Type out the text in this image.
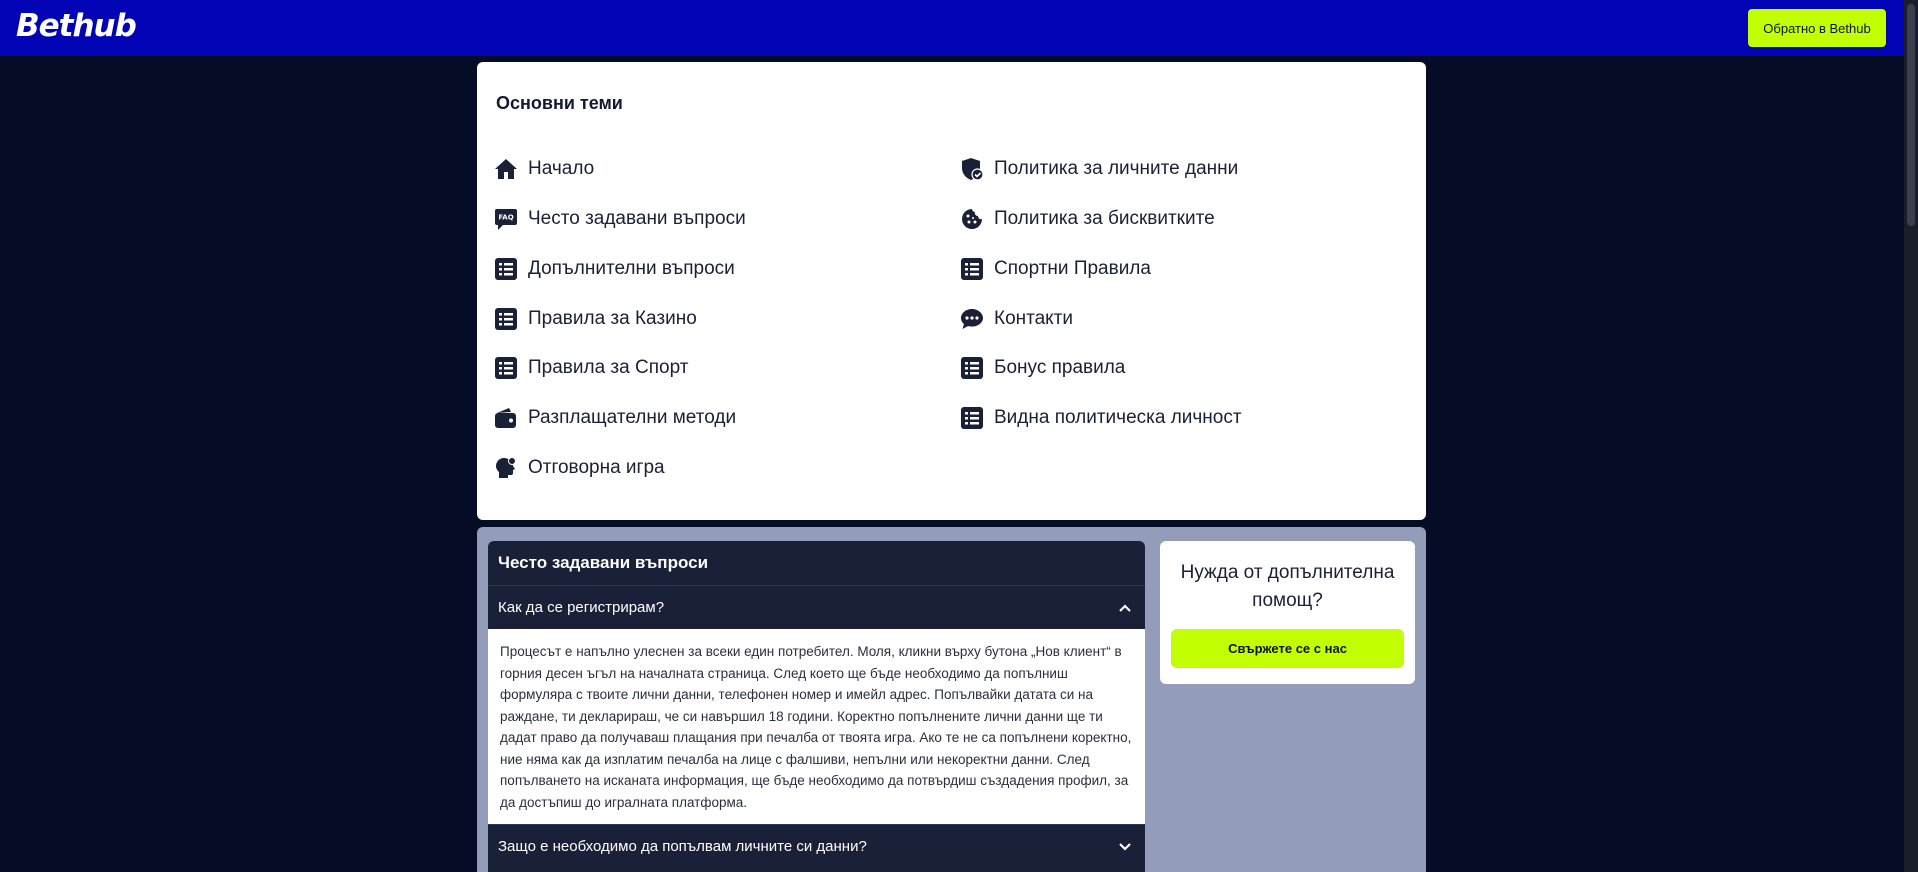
Bethub	Обратно в Bethub
Основни теми
Начало
FAQ Често задавани въпроси
Допълнителни въпроси
Правила за Казино
Правила за Спорт
Разплащателни методи
Отговорна игра
Политика за личните данни
Политика за бисквитките
Спортни Правила
Контакти
Бонус правила
Видна политическа личност
Често задавани въпроси
Как да се регистрирам?
Процесът е напълно улеснен за всеки един потребител. Моля, кликни върху бутона „Нов клиент“ в горния десен ъгъл на началната страница. След което ще бъде необходимо да попълниш формуляра с твоите лични данни, телефонен номер и имейл адрес. Попълвайки датата си на раждане, ти декларираш, че си навършил 18 години. Коректно попълнените лични данни ще ти дадат право да получаваш плащания при печалба от твоята игра. Ако те не са попълнени коректно, ние няма как да изплатим печалба на лице с фалшиви, непълни или некоректни данни. След попълването на исканата информация, ще бъде необходимо да потвърдиш създадения профил, за да достъпиш до игралната платформа.
Защо е необходимо да попълвам личните си данни?
Нужда от допълнителна помощ?
Свържете се с нас
